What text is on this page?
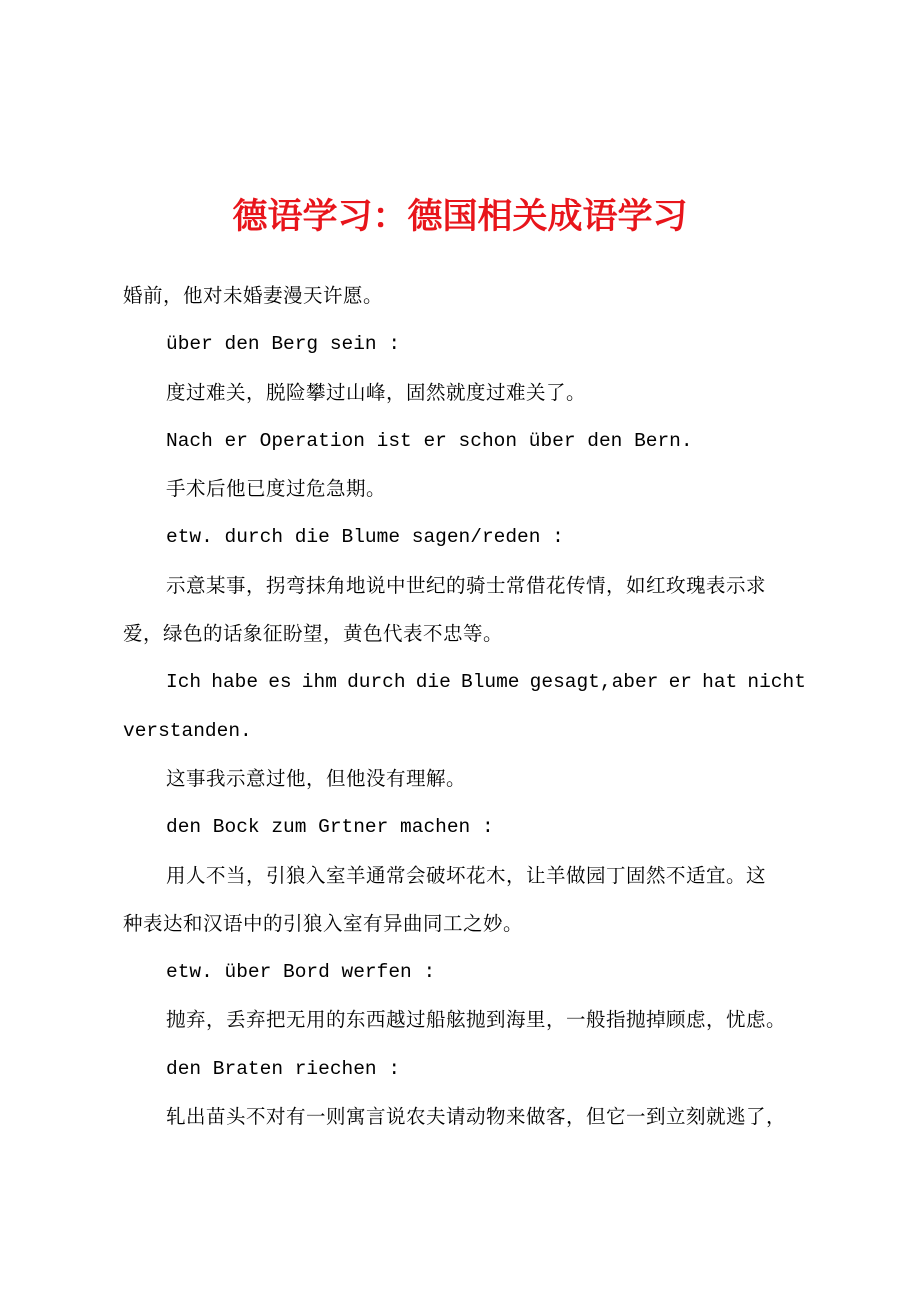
德语学习：德国相关成语学习
婚前，他对未婚妻漫天许愿。
über den Berg sein :
度过难关，脱险攀过山峰，固然就度过难关了。
Nach er Operation ist er schon über den Bern.
手术后他已度过危急期。
etw. durch die Blume sagen/reden :
示意某事，拐弯抹角地说中世纪的骑士常借花传情，如红玫瑰表示求
爱，绿色的话象征盼望，黄色代表不忠等。
Ich habe es ihm durch die Blume gesagt,aber er hat nicht
verstanden.
这事我示意过他，但他没有理解。
den Bock zum Grtner machen :
用人不当，引狼入室羊通常会破坏花木，让羊做园丁固然不适宜。这
种表达和汉语中的引狼入室有异曲同工之妙。
etw. über Bord werfen :
抛弃，丢弃把无用的东西越过船舷抛到海里，一般指抛掉顾虑，忧虑。
den Braten riechen :
轧出苗头不对有一则寓言说农夫请动物来做客，但它一到立刻就逃了，
